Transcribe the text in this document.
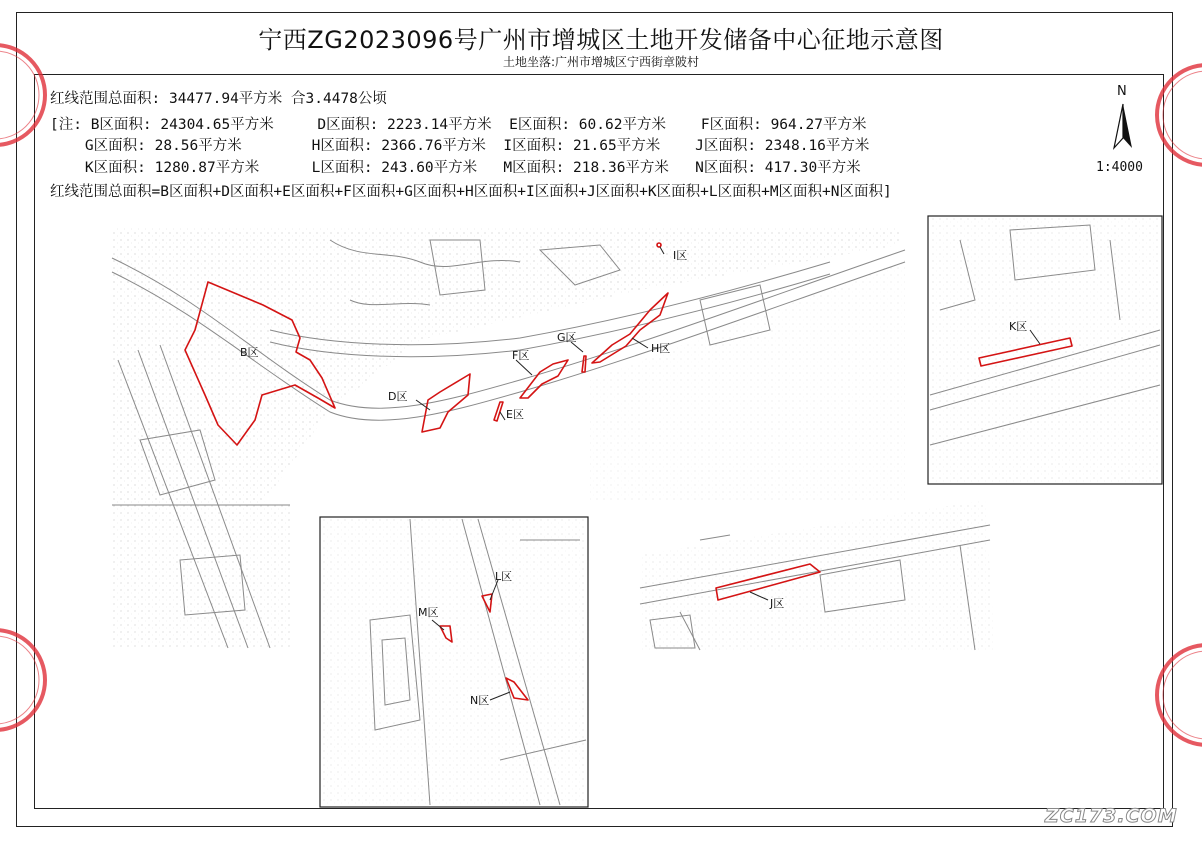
宁西ZG2023096号广州市增城区土地开发储备中心征地示意图
土地坐落:广州市增城区宁西街章陂村
红线范围总面积: 34477.94平方米 合3.4478公顷
[注: B区面积: 24304.65平方米     D区面积: 2223.14平方米  E区面积: 60.62平方米    F区面积: 964.27平方米
G区面积: 28.56平方米        H区面积: 2366.76平方米  I区面积: 21.65平方米    J区面积: 2348.16平方米
K区面积: 1280.87平方米      L区面积: 243.60平方米   M区面积: 218.36平方米   N区面积: 417.30平方米
红线范围总面积=B区面积+D区面积+E区面积+F区面积+G区面积+H区面积+I区面积+J区面积+K区面积+L区面积+M区面积+N区面积]
N
1:4000
B区
D区
E区
F区
G区
H区
I区
J区
K区
L区
M区
N区
ZC173.COM
